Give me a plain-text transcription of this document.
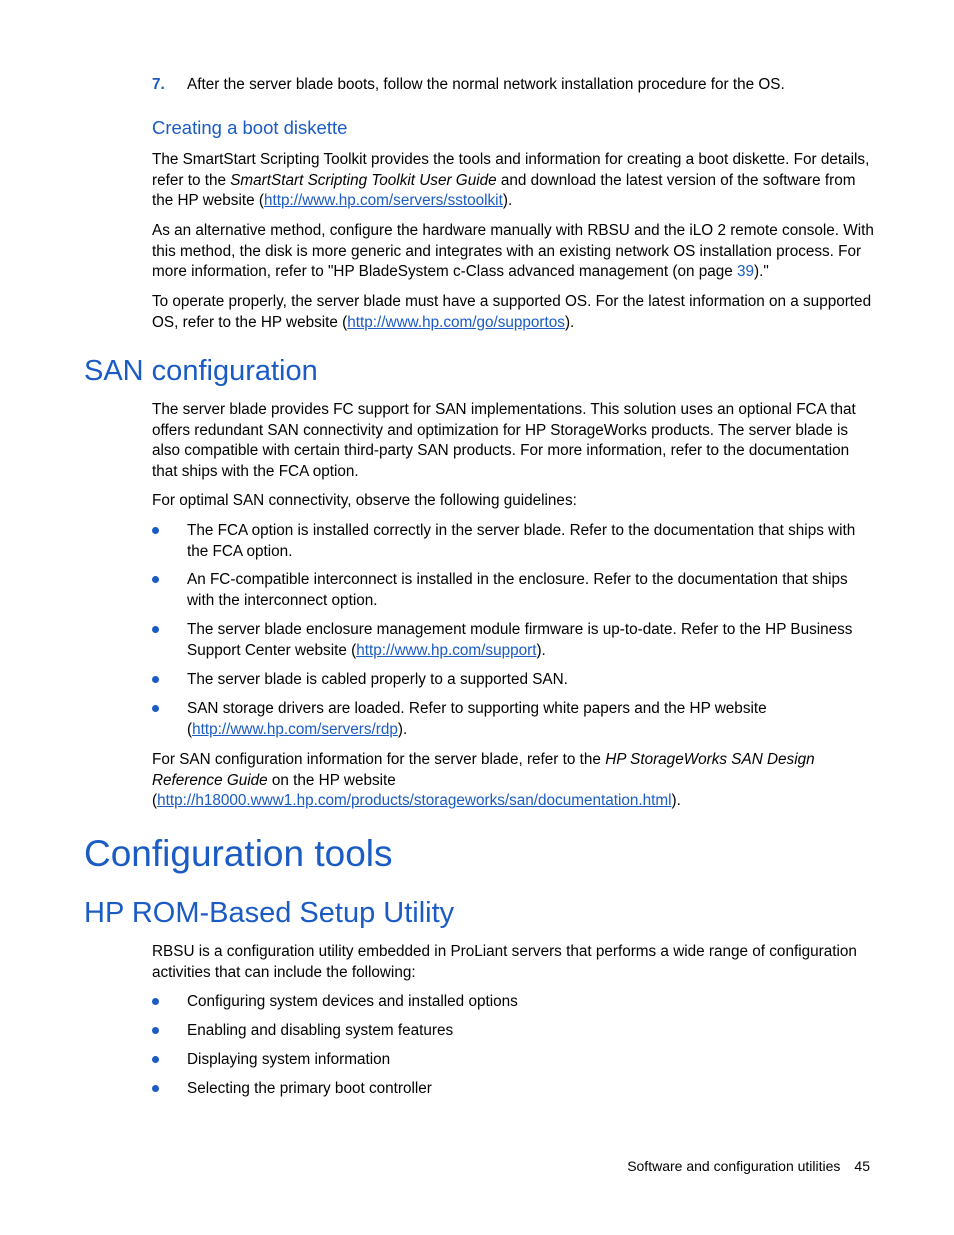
7. After the server blade boots, follow the normal network installation procedure for the OS.
Creating a boot diskette

The SmartStart Scripting Toolkit provides the tools and information for creating a boot diskette. For details, refer to the SmartStart Scripting Toolkit User Guide and download the latest version of the software from the HP website (http://www.hp.com/servers/sstoolkit).

As an alternative method, configure the hardware manually with RBSU and the iLO 2 remote console. With this method, the disk is more generic and integrates with an existing network OS installation process. For more information, refer to "HP BladeSystem c-Class advanced management (on page 39)."

To operate properly, the server blade must have a supported OS. For the latest information on a supported OS, refer to the HP website (http://www.hp.com/go/supportos).

SAN configuration

The server blade provides FC support for SAN implementations. This solution uses an optional FCA that offers redundant SAN connectivity and optimization for HP StorageWorks products. The server blade is also compatible with certain third-party SAN products. For more information, refer to the documentation that ships with the FCA option.

For optimal SAN connectivity, observe the following guidelines:

The FCA option is installed correctly in the server blade. Refer to the documentation that ships with the FCA option.
An FC-compatible interconnect is installed in the enclosure. Refer to the documentation that ships with the interconnect option.
The server blade enclosure management module firmware is up-to-date. Refer to the HP Business Support Center website (http://www.hp.com/support).
The server blade is cabled properly to a supported SAN.
SAN storage drivers are loaded. Refer to supporting white papers and the HP website (http://www.hp.com/servers/rdp).

For SAN configuration information for the server blade, refer to the HP StorageWorks SAN Design Reference Guide on the HP website (http://h18000.www1.hp.com/products/storageworks/san/documentation.html).

Configuration tools
HP ROM-Based Setup Utility

RBSU is a configuration utility embedded in ProLiant servers that performs a wide range of configuration activities that can include the following:

Configuring system devices and installed options
Enabling and disabling system features
Displaying system information
Selecting the primary boot controller
Software and configuration utilities 45
